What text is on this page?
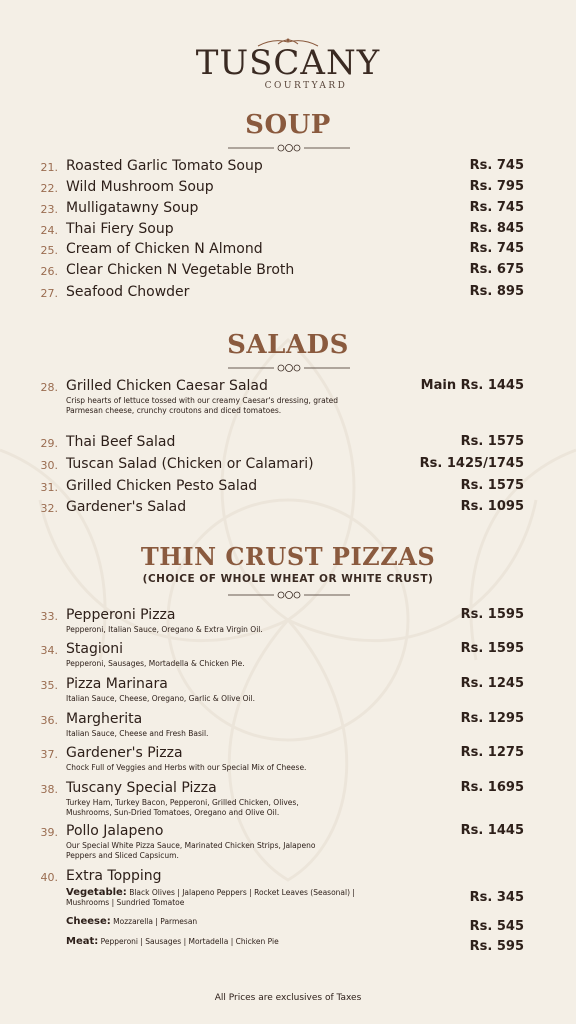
TUSCANY
COURTYARD
SOUP
21. Roasted Garlic Tomato Soup	Rs. 745
22. Wild Mushroom Soup	Rs. 795
23. Mulligatawny Soup	Rs. 745
24. Thai Fiery Soup	Rs. 845
25. Cream of Chicken N Almond	Rs. 745
26. Clear Chicken N Vegetable Broth	Rs. 675
27. Seafood Chowder	Rs. 895
SALADS
28. Grilled Chicken Caesar Salad	Main Rs. 1445
Crisp hearts of lettuce tossed with our creamy Caesar's dressing, grated Parmesan cheese, crunchy croutons and diced tomatoes.
29. Thai Beef Salad	Rs. 1575
30. Tuscan Salad (Chicken or Calamari)	Rs. 1425/1745
31. Grilled Chicken Pesto Salad	Rs. 1575
32. Gardener's Salad	Rs. 1095
THIN CRUST PIZZAS
(CHOICE OF WHOLE WHEAT OR WHITE CRUST)
33. Pepperoni Pizza	Rs. 1595
Pepperoni, Italian Sauce, Oregano & Extra Virgin Oil.
34. Stagioni	Rs. 1595
Pepperoni, Sausages, Mortadella & Chicken Pie.
35. Pizza Marinara	Rs. 1245
Italian Sauce, Cheese, Oregano, Garlic & Olive Oil.
36. Margherita	Rs. 1295
Italian Sauce, Cheese and Fresh Basil.
37. Gardener's Pizza	Rs. 1275
Chock Full of Veggies and Herbs with our Special Mix of Cheese.
38. Tuscany Special Pizza	Rs. 1695
Turkey Ham, Turkey Bacon, Pepperoni, Grilled Chicken, Olives, Mushrooms, Sun-Dried Tomatoes, Oregano and Olive Oil.
39. Pollo Jalapeno	Rs. 1445
Our Special White Pizza Sauce, Marinated Chicken Strips, Jalapeno Peppers and Sliced Capsicum.
40. Extra Topping
Vegetable: Black Olives | Jalapeno Peppers | Rocket Leaves (Seasonal) | Mushrooms | Sundried Tomatoe	Rs. 345
Cheese: Mozzarella | Parmesan	Rs. 545
Meat: Pepperoni | Sausages | Mortadella | Chicken Pie	Rs. 595
All Prices are exclusives of Taxes
